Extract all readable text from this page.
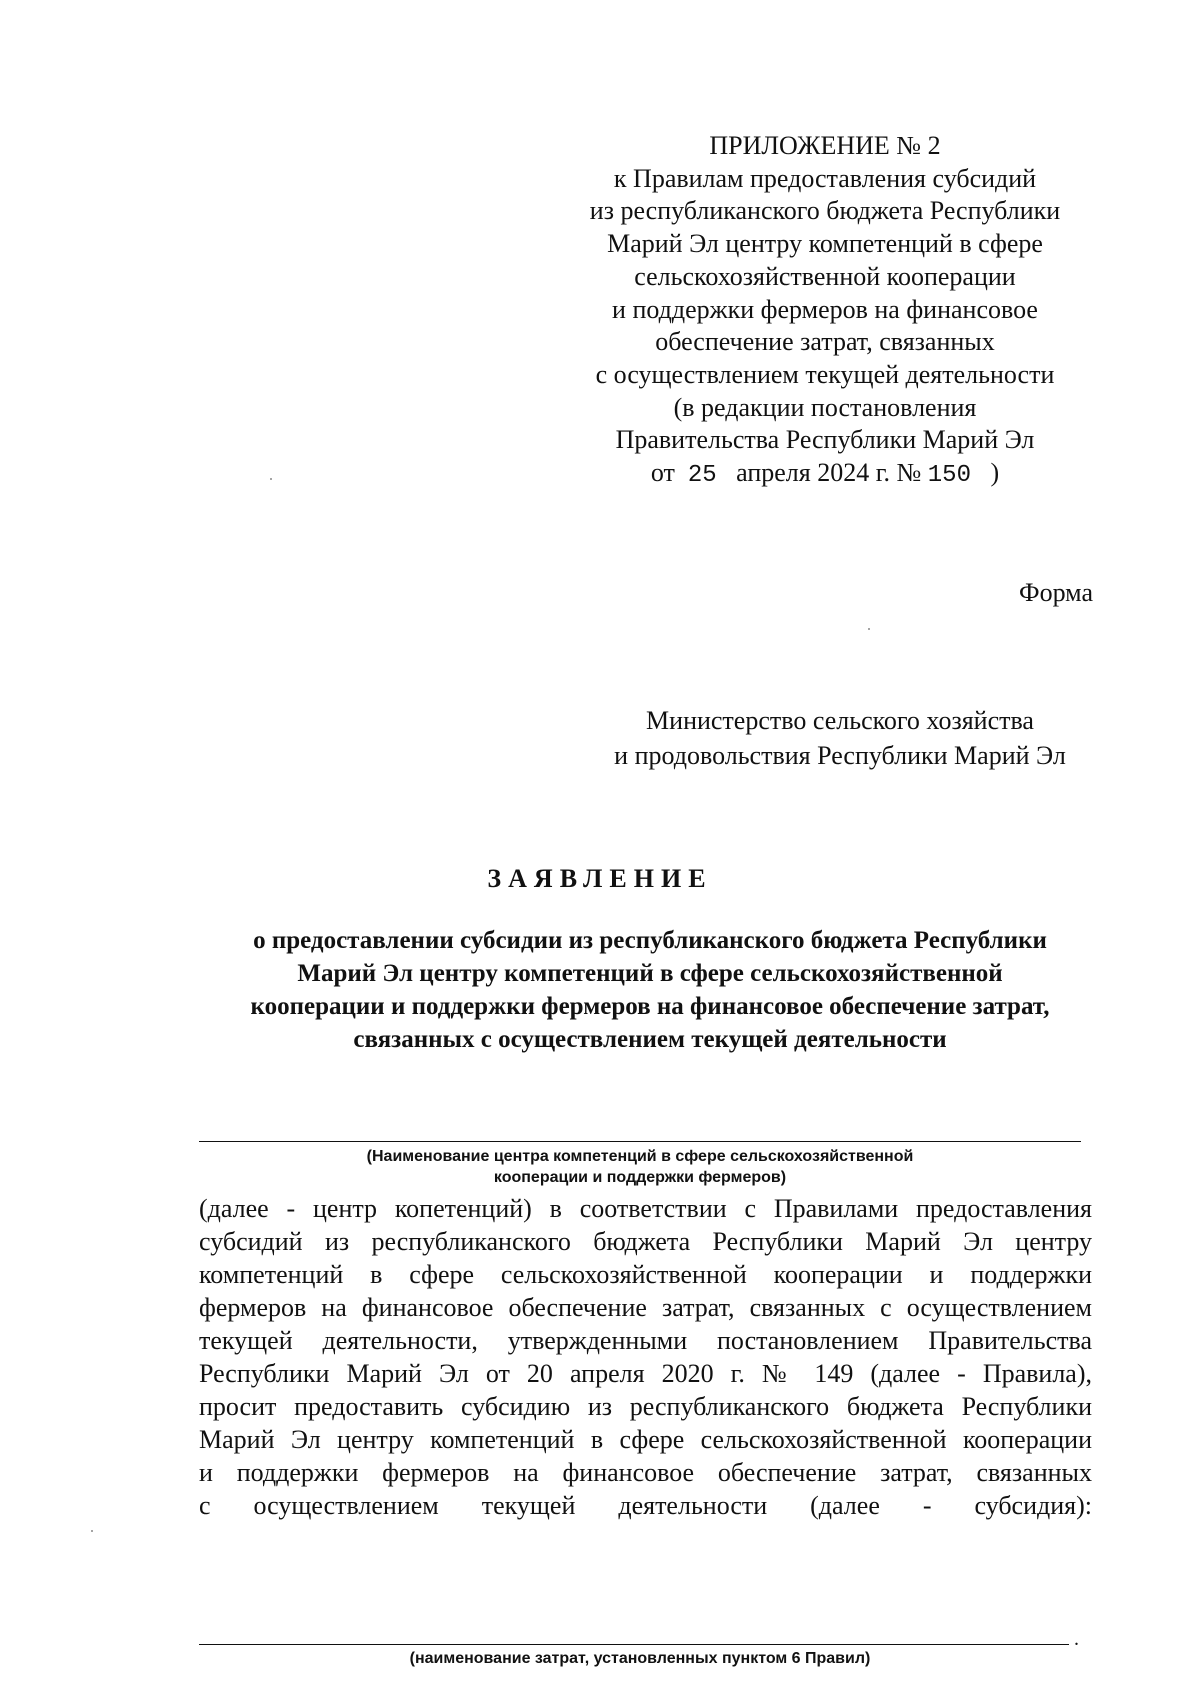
ПРИЛОЖЕНИЕ № 2
к Правилам предоставления субсидий
из республиканского бюджета Республики
Марий Эл центру компетенций в сфере
сельскохозяйственной кооперации
и поддержки фермеров на финансовое
обеспечение затрат, связанных
с осуществлением текущей деятельности
(в редакции постановления
Правительства Республики Марий Эл
от 25 апреля 2024 г. № 150 )
Форма
Министерство сельского хозяйства
и продовольствия Республики Марий Эл
ЗАЯВЛЕНИЕ
о предоставлении субсидии из республиканского бюджета Республики
Марий Эл центру компетенций в сфере сельскохозяйственной
кооперации и поддержки фермеров на финансовое обеспечение затрат,
связанных с осуществлением текущей деятельности
(Наименование центра компетенций в сфере сельскохозяйственной
кооперации и поддержки фермеров)
(далее - центр копетенций) в соответствии с Правилами предоставления
субсидий из республиканского бюджета Республики Марий Эл центру
компетенций в сфере сельскохозяйственной кооперации и поддержки
фермеров на финансовое обеспечение затрат, связанных с осуществлением
текущей деятельности, утвержденными постановлением Правительства
Республики Марий Эл от 20 апреля 2020 г. № 149 (далее - Правила),
просит предоставить субсидию из республиканского бюджета Республики
Марий Эл центру компетенций в сфере сельскохозяйственной кооперации
и поддержки фермеров на финансовое обеспечение затрат, связанных
с осуществлением текущей деятельности (далее - субсидия):
.
(наименование затрат, установленных пунктом 6 Правил)
